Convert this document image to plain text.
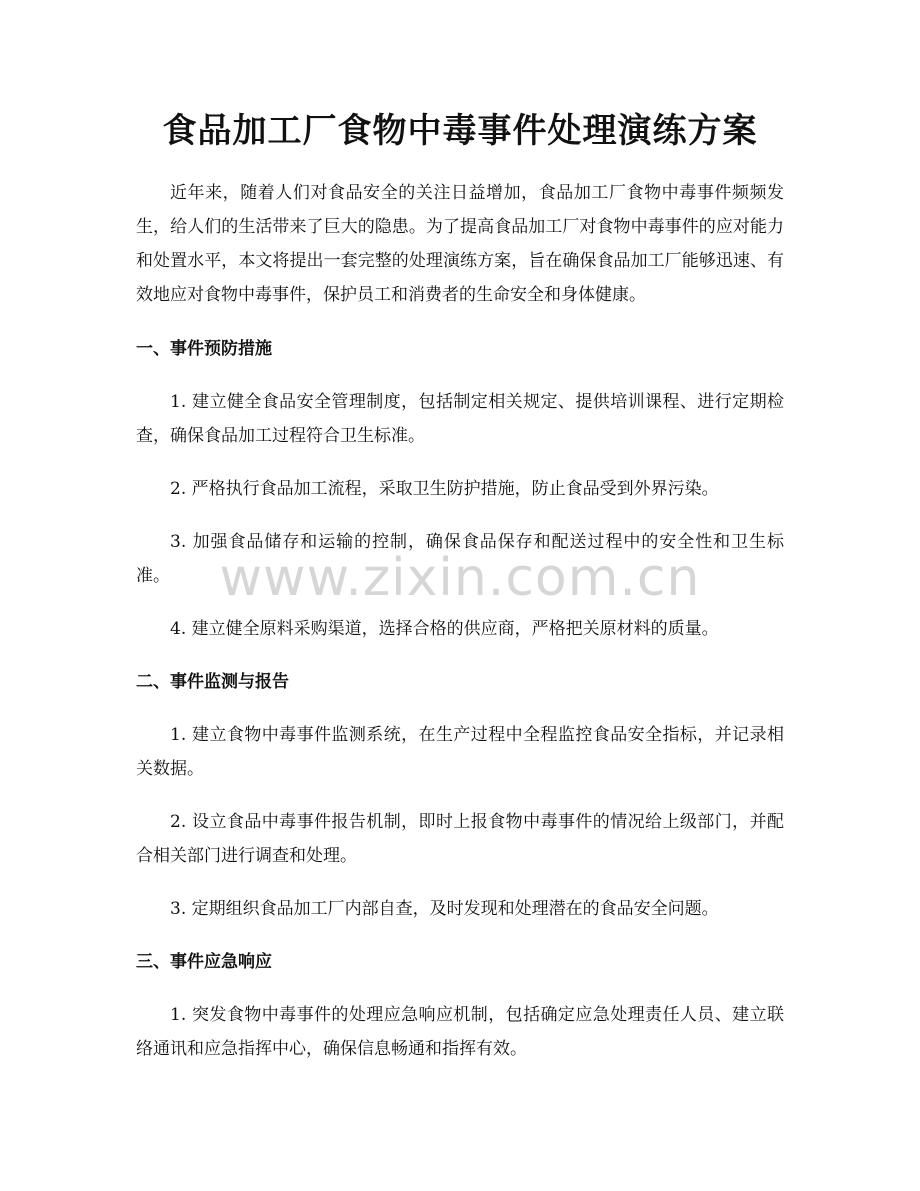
食品加工厂食物中毒事件处理演练方案

近年来，随着人们对食品安全的关注日益增加，食品加工厂食物中毒事件频频发生，给人们的生活带来了巨大的隐患。为了提高食品加工厂对食物中毒事件的应对能力和处置水平，本文将提出一套完整的处理演练方案，旨在确保食品加工厂能够迅速、有效地应对食物中毒事件，保护员工和消费者的生命安全和身体健康。

一、事件预防措施

1. 建立健全食品安全管理制度，包括制定相关规定、提供培训课程、进行定期检查，确保食品加工过程符合卫生标准。

2. 严格执行食品加工流程，采取卫生防护措施，防止食品受到外界污染。

3. 加强食品储存和运输的控制，确保食品保存和配送过程中的安全性和卫生标准。

4. 建立健全原料采购渠道，选择合格的供应商，严格把关原材料的质量。

二、事件监测与报告

1. 建立食物中毒事件监测系统，在生产过程中全程监控食品安全指标，并记录相关数据。

2. 设立食品中毒事件报告机制，即时上报食物中毒事件的情况给上级部门，并配合相关部门进行调查和处理。

3. 定期组织食品加工厂内部自查，及时发现和处理潜在的食品安全问题。

三、事件应急响应

1. 突发食物中毒事件的处理应急响应机制，包括确定应急处理责任人员、建立联络通讯和应急指挥中心，确保信息畅通和指挥有效。

www.zixin.com.cn
